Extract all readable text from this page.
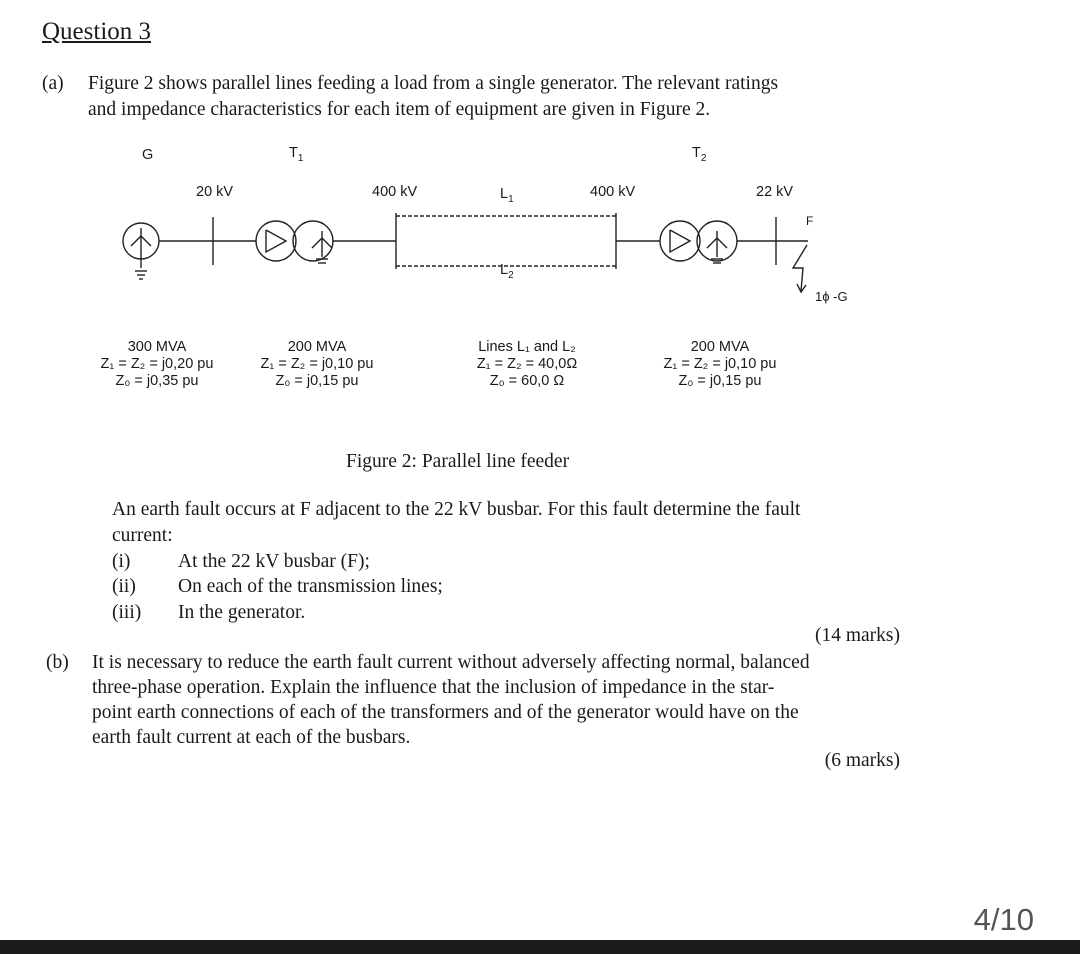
Question 3
(a) Figure 2 shows parallel lines feeding a load from a single generator. The relevant ratings
and impedance characteristics for each item of equipment are given in Figure 2.
G	$T_1$	$T_2$
20 kV	400 kV	$L_1$	400 kV	22 kV
F
$L_2$
1ϕ -G
300 MVA
Z₁ = Z₂ = j0,20 pu
Z₀ = j0,35 pu
200 MVA
Z₁ = Z₂ = j0,10 pu
Z₀ = j0,15 pu
Lines L₁ and L₂
Z₁ = Z₂ = 40,0Ω
Z₀ = 60,0 Ω
200 MVA
Z₁ = Z₂ = j0,10 pu
Z₀ = j0,15 pu
Figure 2: Parallel line feeder
An earth fault occurs at F adjacent to the 22 kV busbar. For this fault determine the fault
current:
(i) At the 22 kV busbar (F);
(ii) On each of the transmission lines;
(iii) In the generator.
(14 marks)
(b) It is necessary to reduce the earth fault current without adversely affecting normal, balanced
three-phase operation. Explain the influence that the inclusion of impedance in the star-
point earth connections of each of the transformers and of the generator would have on the
earth fault current at each of the busbars.
(6 marks)
4/10
